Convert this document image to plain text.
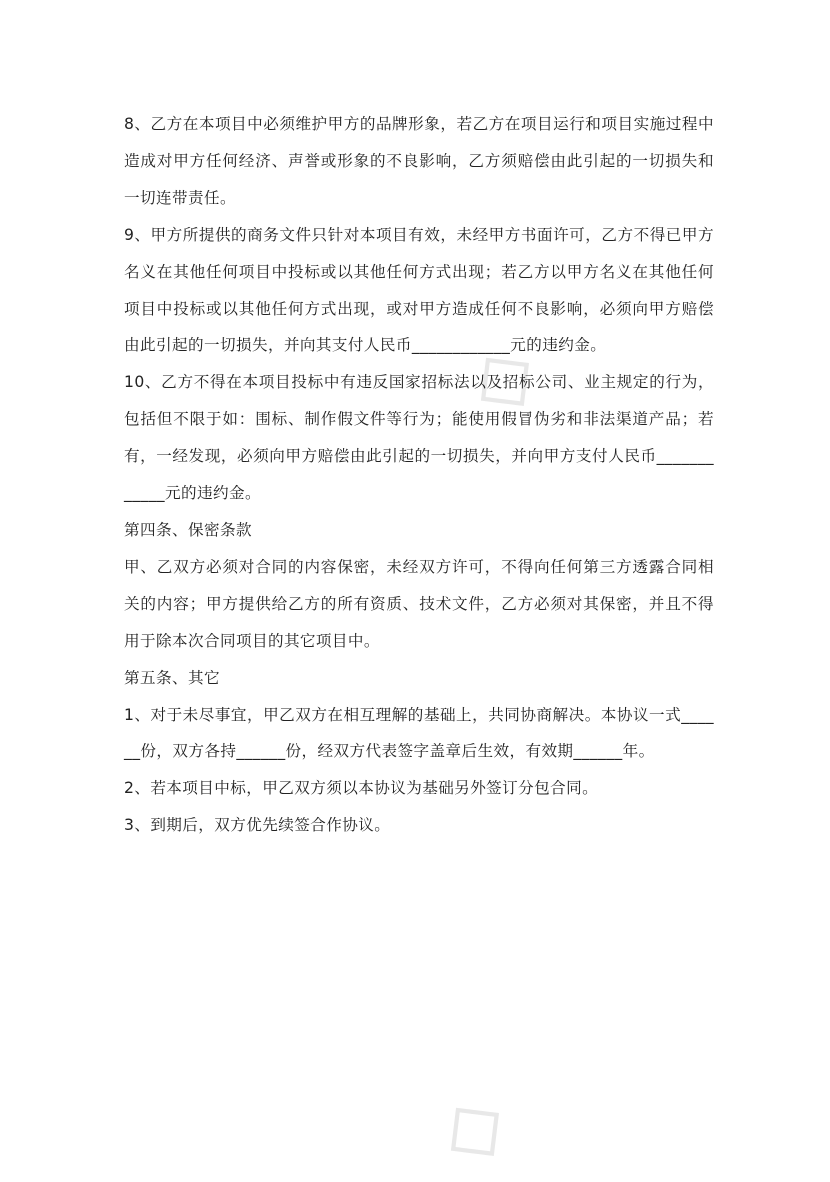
◇
◇

8、乙方在本项目中必须维护甲方的品牌形象，若乙方在项目运行和项目实施过程中造成对甲方任何经济、声誉或形象的不良影响，乙方须赔偿由此引起的一切损失和一切连带责任。

9、甲方所提供的商务文件只针对本项目有效，未经甲方书面许可，乙方不得已甲方名义在其他任何项目中投标或以其他任何方式出现；若乙方以甲方名义在其他任何项目中投标或以其他任何方式出现，或对甲方造成任何不良影响，必须向甲方赔偿由此引起的一切损失，并向其支付人民币____________元的违约金。

10、乙方不得在本项目投标中有违反国家招标法以及招标公司、业主规定的行为，包括但不限于如：围标、制作假文件等行为；能使用假冒伪劣和非法渠道产品；若有，一经发现，必须向甲方赔偿由此引起的一切损失，并向甲方支付人民币____________元的违约金。

第四条、保密条款

甲、乙双方必须对合同的内容保密，未经双方许可，不得向任何第三方透露合同相关的内容；甲方提供给乙方的所有资质、技术文件，乙方必须对其保密，并且不得用于除本次合同项目的其它项目中。

第五条、其它

1、对于未尽事宜，甲乙双方在相互理解的基础上，共同协商解决。本协议一式______份，双方各持______份，经双方代表签字盖章后生效，有效期______年。

2、若本项目中标，甲乙双方须以本协议为基础另外签订分包合同。

3、到期后，双方优先续签合作协议。
